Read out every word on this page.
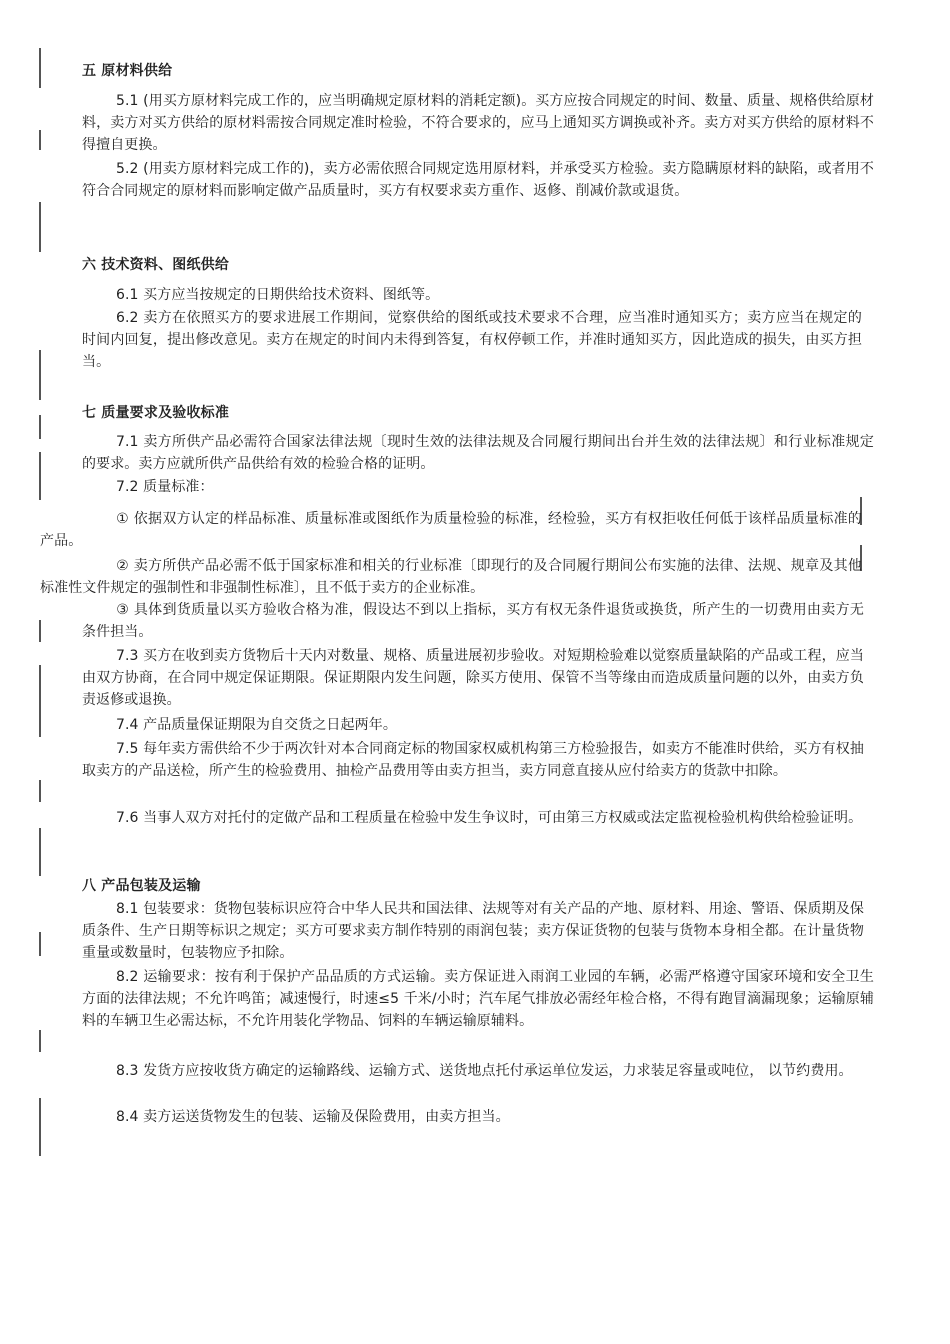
五 原材料供给
5.1 (用买方原材料完成工作的，应当明确规定原材料的消耗定额)。买方应按合同规定的时间、数量、质量、规格供给原材料，卖方对买方供给的原材料需按合同规定准时检验，不符合要求的，应马上通知买方调换或补齐。卖方对买方供给的原材料不得擅自更换。
5.2 (用卖方原材料完成工作的)，卖方必需依照合同规定选用原材料，并承受买方检验。卖方隐瞒原材料的缺陷，或者用不符合合同规定的原材料而影响定做产品质量时，买方有权要求卖方重作、返修、削减价款或退货。
六 技术资料、图纸供给
6.1 买方应当按规定的日期供给技术资料、图纸等。
6.2 卖方在依照买方的要求进展工作期间，觉察供给的图纸或技术要求不合理，应当准时通知买方；卖方应当在规定的时间内回复，提出修改意见。卖方在规定的时间内未得到答复，有权停顿工作，并准时通知买方，因此造成的损失，由买方担当。
七 质量要求及验收标准
7.1 卖方所供产品必需符合国家法律法规〔现时生效的法律法规及合同履行期间出台并生效的法律法规〕和行业标准规定的要求。卖方应就所供产品供给有效的检验合格的证明。
7.2 质量标准：
① 依据双方认定的样品标准、质量标准或图纸作为质量检验的标准，经检验，买方有权拒收任何低于该样品质量标准的产品。
② 卖方所供产品必需不低于国家标准和相关的行业标准〔即现行的及合同履行期间公布实施的法律、法规、规章及其他标准性文件规定的强制性和非强制性标准〕，且不低于卖方的企业标准。
③ 具体到货质量以买方验收合格为准，假设达不到以上指标，买方有权无条件退货或换货，所产生的一切费用由卖方无条件担当。
7.3 买方在收到卖方货物后十天内对数量、规格、质量进展初步验收。对短期检验难以觉察质量缺陷的产品或工程，应当由双方协商，在合同中规定保证期限。保证期限内发生问题，除买方使用、保管不当等缘由而造成质量问题的以外，由卖方负责返修或退换。
7.4 产品质量保证期限为自交货之日起两年。
7.5 每年卖方需供给不少于两次针对本合同商定标的物国家权威机构第三方检验报告，如卖方不能准时供给，买方有权抽取卖方的产品送检，所产生的检验费用、抽检产品费用等由卖方担当，卖方同意直接从应付给卖方的货款中扣除。
7.6 当事人双方对托付的定做产品和工程质量在检验中发生争议时，可由第三方权威或法定监视检验机构供给检验证明。
八 产品包装及运输
8.1 包装要求：货物包装标识应符合中华人民共和国法律、法规等对有关产品的产地、原材料、用途、警语、保质期及保质条件、生产日期等标识之规定；买方可要求卖方制作特别的雨润包装；卖方保证货物的包装与货物本身相全都。在计量货物重量或数量时，包装物应予扣除。
8.2 运输要求：按有利于保护产品品质的方式运输。卖方保证进入雨润工业园的车辆，必需严格遵守国家环境和安全卫生方面的法律法规；不允许鸣笛；减速慢行，时速≤5 千米/小时；汽车尾气排放必需经年检合格，不得有跑冒滴漏现象；运输原辅料的车辆卫生必需达标，不允许用装化学物品、饲料的车辆运输原辅料。
8.3 发货方应按收货方确定的运输路线、运输方式、送货地点托付承运单位发运，力求装足容量或吨位， 以节约费用。
8.4 卖方运送货物发生的包装、运输及保险费用，由卖方担当。
